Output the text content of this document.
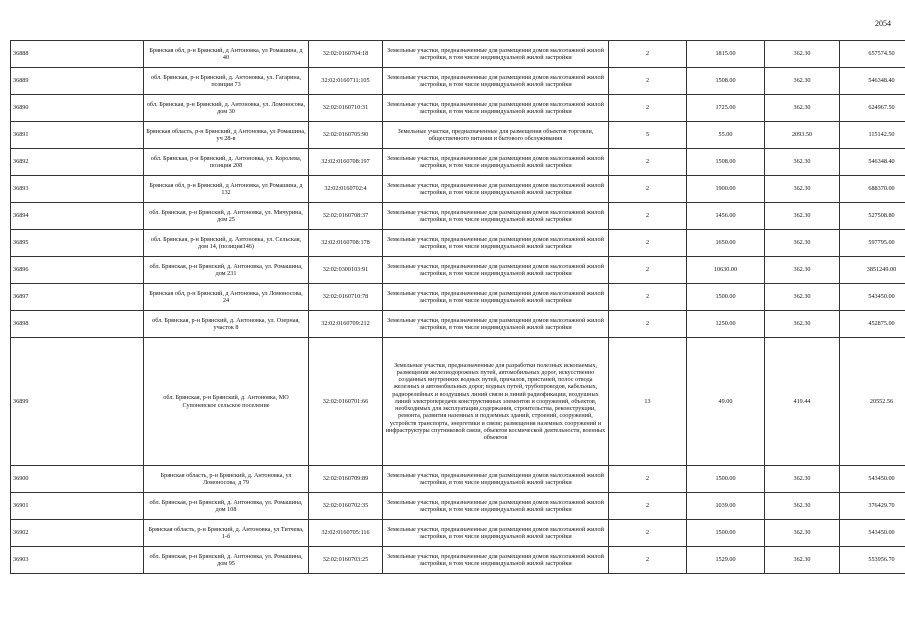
2054
36888	Брянская обл, р-н Брянский, д Антоновка, ул Ромашина, д 40	32:02:0160704:18	Земельные участки, предназначенные для размещения домов малоэтажной жилой застройки, в том числе индивидуальной жилой застройки	2	1815.00	362.30	657574.50
36889	обл. Брянская, р-н Брянский, д. Антоновка, ул. Гагарина, позиция 73	32:02:0160711:105	Земельные участки, предназначенные для размещения домов малоэтажной жилой застройки, в том числе индивидуальной жилой застройки	2	1508.00	362.30	546348.40
36890	обл. Брянская, р-н Брянский, д. Антоновка, ул. Ломоносова, дом 30	32:02:0160710:31	Земельные участки, предназначенные для размещения домов малоэтажной жилой застройки, в том числе индивидуальной жилой застройки	2	1725.00	362.30	624967.50
36891	Брянская область, р-н Брянский, д Антоновка, ул Ромашина, уч 28-в	32:02:0160705:90	Земельные участки, предназначенные для размещения объектов торговли, общественного питания и бытового обслуживания	5	55.00	2093.50	115142.50
36892	обл. Брянская, р-н Брянский, д. Антоновка, ул. Королева, позиция 208	32:02:0160708:197	Земельные участки, предназначенные для размещения домов малоэтажной жилой застройки, в том числе индивидуальной жилой застройки	2	1508.00	362.30	546348.40
36893	Брянская обл, р-н Брянский, д Антоновка, ул Ромашина, д 132	32:02:0160702:4	Земельные участки, предназначенные для размещения домов малоэтажной жилой застройки, в том числе индивидуальной жилой застройки	2	1900.00	362.30	688370.00
36894	обл. Брянская, р-н Брянский, д. Антоновка, ул. Мичурина, дом 25	32:02:0160708:37	Земельные участки, предназначенные для размещения домов малоэтажной жилой застройки, в том числе индивидуальной жилой застройки	2	1456.00	362.30	527508.80
36895	обл. Брянская, р-н Брянский, д. Антоновка, ул. Сельская, дом 14, (позиция146)	32:02:0160708:178	Земельные участки, предназначенные для размещения домов малоэтажной жилой застройки, в том числе индивидуальной жилой застройки	2	1650.00	362.30	597795.00
36896	обл. Брянская, р-н Брянский, д. Антоновка, ул. Ромашина, дом 231	32:02:0300103:91	Земельные участки, предназначенные для размещения домов малоэтажной жилой застройки, в том числе индивидуальной жилой застройки	2	10630.00	362.30	3851249.00
36897	Брянская обл, р-н Брянский, д Антоновка, ул Ломоносова, 24	32:02:0160710:78	Земельные участки, предназначенные для размещения домов малоэтажной жилой застройки, в том числе индивидуальной жилой застройки	2	1500.00	362.30	543450.00
36898	обл. Брянская, р-н Брянский, д. Антоновка, ул. Озерная, участок 8	32:02:0160709:212	Земельные участки, предназначенные для размещения домов малоэтажной жилой застройки, в том числе индивидуальной жилой застройки	2	1250.00	362.30	452875.00
36899	обл. Брянская, р-н Брянский, д. Антоновка, МО Супоневское сельское поселение	32:02:0160701:66	Земельные участки, предназначенные для разработки полезных ископаемых, размещения железнодорожных путей, автомобильных дорог, искусственно созданных внутренних водных путей, причалов, пристаней, полос отвода железных и автомобильных дорог, водных путей, трубопроводов, кабельных, радиорелейных и воздушных линий связи и линий радиофикации, воздушных линий электропередачи конструктивных элементов и сооружений, объектов, необходимых для эксплуатации,содержания, строительства, реконструкции, ремонта, развития наземных и подземных зданий, строений, сооружений, устройств транспорта, энергетики и связи; размещения наземных сооружений и инфраструктуры спутниковой связи, объектов космической деятельности, военных объектов	13	49.00	419.44	20552.56
36900	Брянская область, р-н Брянский, д. Антоновка, ул Ломоносова, д 79	32:02:0160709:89	Земельные участки, предназначенные для размещения домов малоэтажной жилой застройки, в том числе индивидуальной жилой застройки	2	1500.00	362.30	543450.00
36901	обл. Брянская, р-н Брянский, д. Антоновка, ул. Ромашина, дом 108	32:02:0160702:35	Земельные участки, предназначенные для размещения домов малоэтажной жилой застройки, в том числе индивидуальной жилой застройки	2	1039.00	362.30	376429.70
36902	Брянская область, р-н Брянский, д. Антоновка, ул Титчева, 1-б	32:02:0160705:116	Земельные участки, предназначенные для размещения домов малоэтажной жилой застройки, в том числе индивидуальной жилой застройки	2	1500.00	362.30	543450.00
36903	обл. Брянская, р-н Брянский, д. Антоновка, ул. Ромашина, дом 95	32:02:0160703:25	Земельные участки, предназначенные для размещения домов малоэтажной жилой застройки, в том числе индивидуальной жилой застройки	2	1529.00	362.30	553956.70
